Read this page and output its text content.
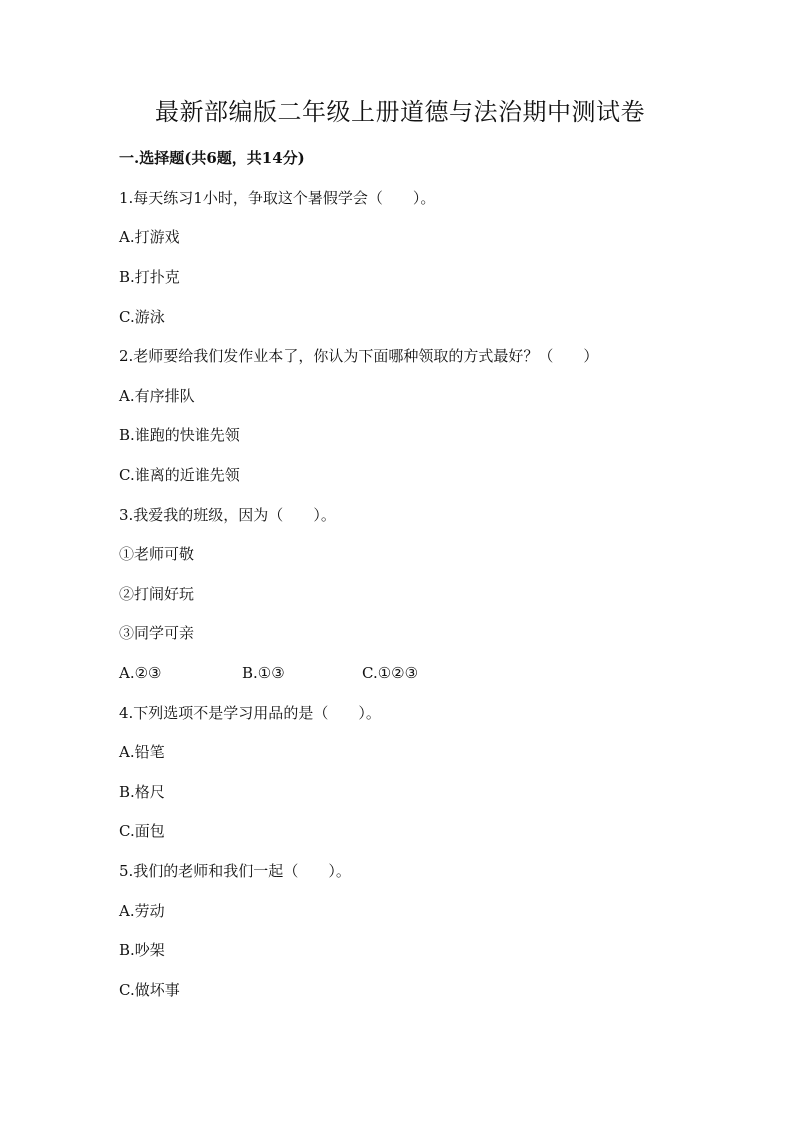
最新部编版二年级上册道德与法治期中测试卷
一.选择题(共6题，共14分)
1.每天练习1小时，争取这个暑假学会（　　）。
A.打游戏
B.打扑克
C.游泳
2.老师要给我们发作业本了，你认为下面哪种领取的方式最好？（　　）
A.有序排队
B.谁跑的快谁先领
C.谁离的近谁先领
3.我爱我的班级，因为（　　）。
①老师可敬
②打闹好玩
③同学可亲
A.②③	B.①③	C.①②③
4.下列选项不是学习用品的是（　　）。
A.铅笔
B.格尺
C.面包
5.我们的老师和我们一起（　　）。
A.劳动
B.吵架
C.做坏事
